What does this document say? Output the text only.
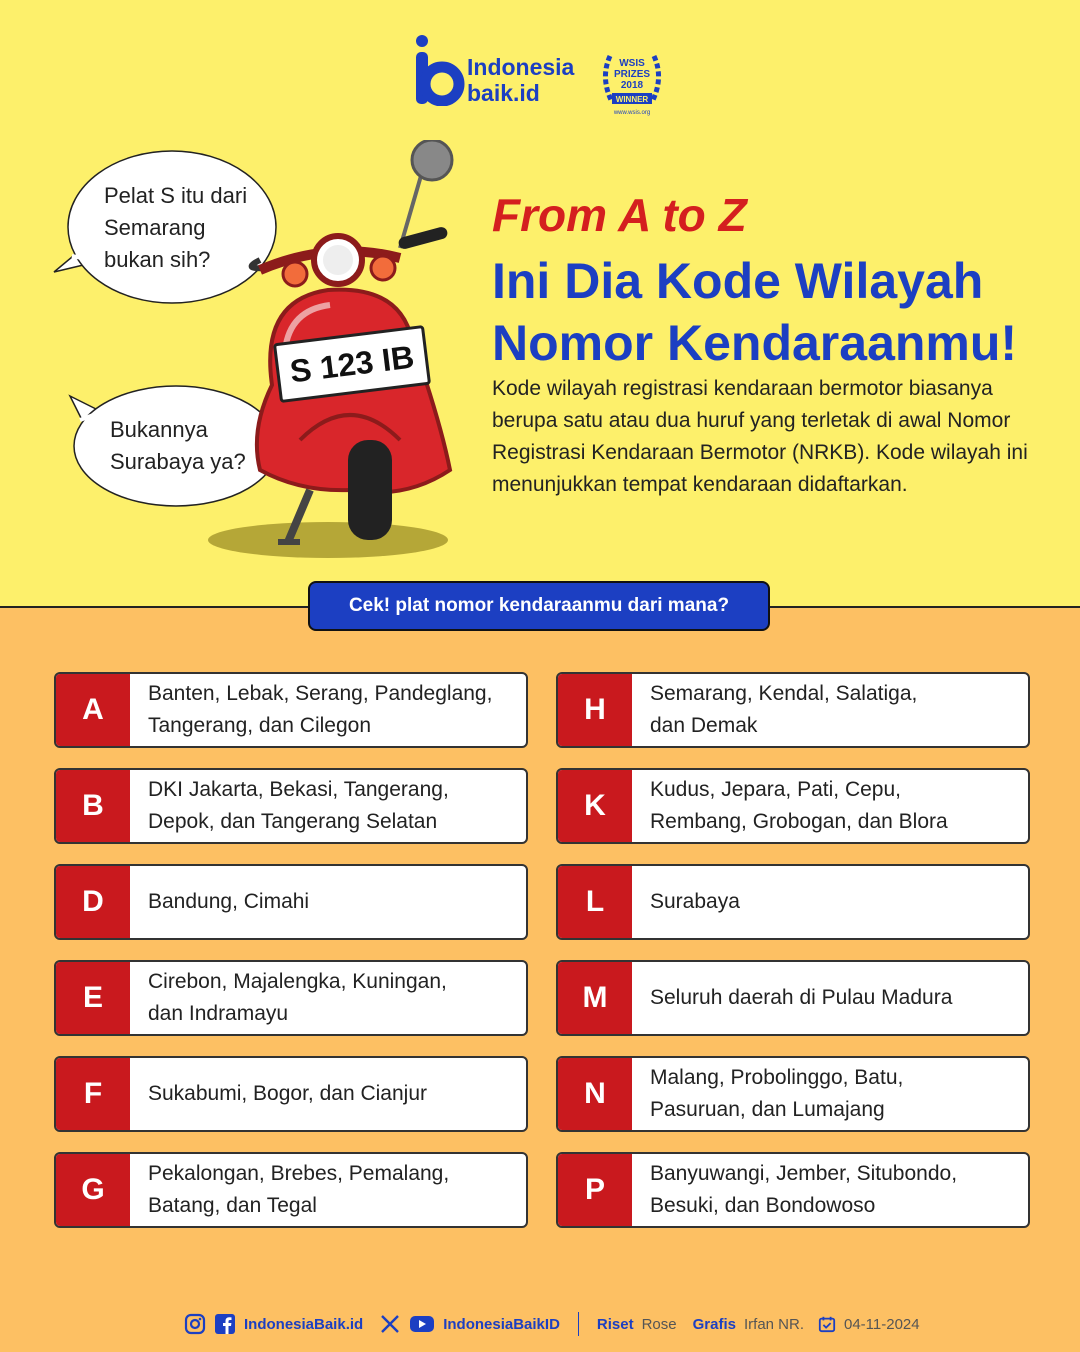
Indonesia
baik.id
WSIS
PRIZES
2018
WINNER
www.wsis.org
Pelat S itu dari
Semarang
bukan sih?
Bukannya
Surabaya ya?
S 123 IB
From A to Z
Ini Dia Kode Wilayah Nomor Kendaraanmu!
Kode wilayah registrasi kendaraan bermotor biasanya berupa satu atau dua huruf yang terletak di awal Nomor Registrasi Kendaraan Bermotor (NRKB). Kode wilayah ini menunjukkan tempat kendaraan didaftarkan.
Cek! plat nomor kendaraanmu dari mana?
A	Banten, Lebak, Serang, Pandeglang,
Tangerang, dan Cilegon
B	DKI Jakarta, Bekasi, Tangerang,
Depok, dan Tangerang Selatan
D	Bandung, Cimahi
E	Cirebon, Majalengka, Kuningan,
dan Indramayu
F	Sukabumi, Bogor, dan Cianjur
G	Pekalongan, Brebes, Pemalang,
Batang, dan Tegal
H	Semarang, Kendal, Salatiga,
dan Demak
K	Kudus, Jepara, Pati, Cepu,
Rembang, Grobogan, dan Blora
L	Surabaya
M	Seluruh daerah di Pulau Madura
N	Malang, Probolinggo, Batu,
Pasuruan, dan Lumajang
P	Banyuwangi, Jember, Situbondo,
Besuki, dan Bondowoso
IndonesiaBaik.id	IndonesiaBaikID Riset Rose Grafis Irfan NR.	04-11-2024
